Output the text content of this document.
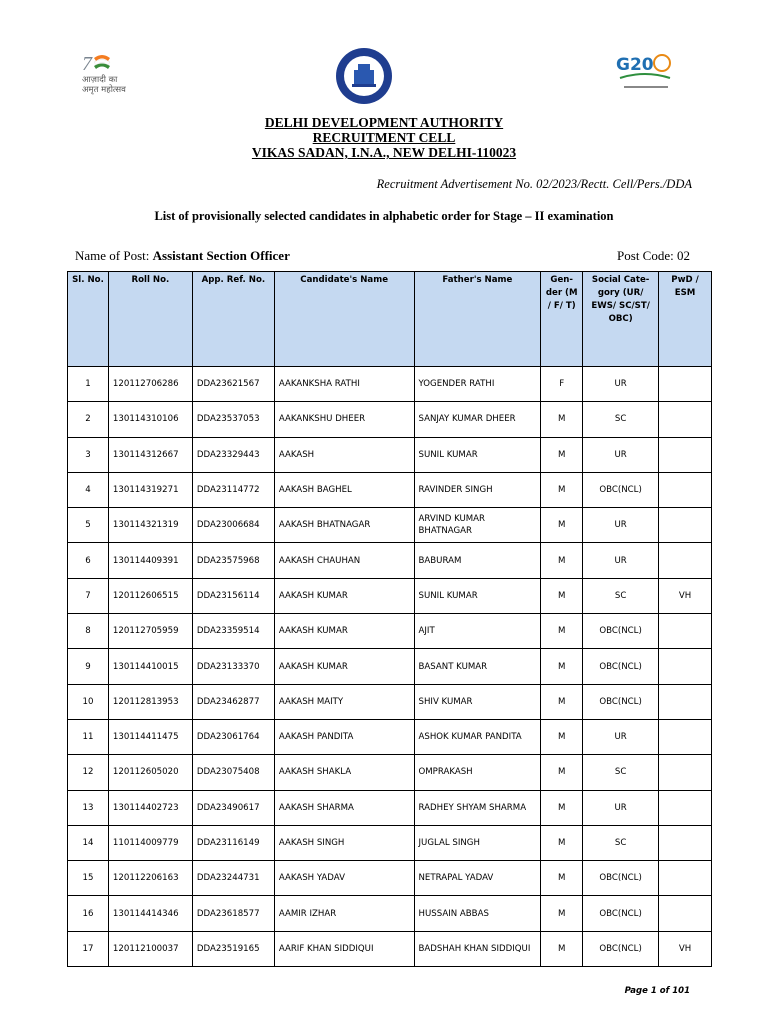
7
आज़ादी का
अमृत महोत्सव
G20
DELHI DEVELOPMENT AUTHORITY
RECRUITMENT CELL
VIKAS SADAN, I.N.A., NEW DELHI-110023
Recruitment Advertisement No. 02/2023/Rectt. Cell/Pers./DDA
List of provisionally selected candidates in alphabetic order for Stage – II examination
Name of Post: Assistant Section Officer	Post Code: 02
Sl. No.	Roll No.	App. Ref. No.	Candidate's Name	Father's Name	Gen-der (M / F/ T)	Social Cate-gory (UR/ EWS/ SC/ST/ OBC)	PwD / ESM
1	120112706286	DDA23621567	AAKANKSHA RATHI	YOGENDER RATHI	F	UR	
2	130114310106	DDA23537053	AAKANKSHU DHEER	SANJAY KUMAR DHEER	M	SC	
3	130114312667	DDA23329443	AAKASH	SUNIL KUMAR	M	UR	
4	130114319271	DDA23114772	AAKASH BAGHEL	RAVINDER SINGH	M	OBC(NCL)	
5	130114321319	DDA23006684	AAKASH BHATNAGAR	ARVIND KUMAR BHATNAGAR	M	UR	
6	130114409391	DDA23575968	AAKASH CHAUHAN	BABURAM	M	UR	
7	120112606515	DDA23156114	AAKASH KUMAR	SUNIL KUMAR	M	SC	VH
8	120112705959	DDA23359514	AAKASH KUMAR	AJIT	M	OBC(NCL)	
9	130114410015	DDA23133370	AAKASH KUMAR	BASANT KUMAR	M	OBC(NCL)	
10	120112813953	DDA23462877	AAKASH MAITY	SHIV KUMAR	M	OBC(NCL)	
11	130114411475	DDA23061764	AAKASH PANDITA	ASHOK KUMAR PANDITA	M	UR	
12	120112605020	DDA23075408	AAKASH SHAKLA	OMPRAKASH	M	SC	
13	130114402723	DDA23490617	AAKASH SHARMA	RADHEY SHYAM SHARMA	M	UR	
14	110114009779	DDA23116149	AAKASH SINGH	JUGLAL SINGH	M	SC	
15	120112206163	DDA23244731	AAKASH YADAV	NETRAPAL YADAV	M	OBC(NCL)	
16	130114414346	DDA23618577	AAMIR IZHAR	HUSSAIN ABBAS	M	OBC(NCL)	
17	120112100037	DDA23519165	AARIF KHAN SIDDIQUI	BADSHAH KHAN SIDDIQUI	M	OBC(NCL)	VH
Page 1 of 101
